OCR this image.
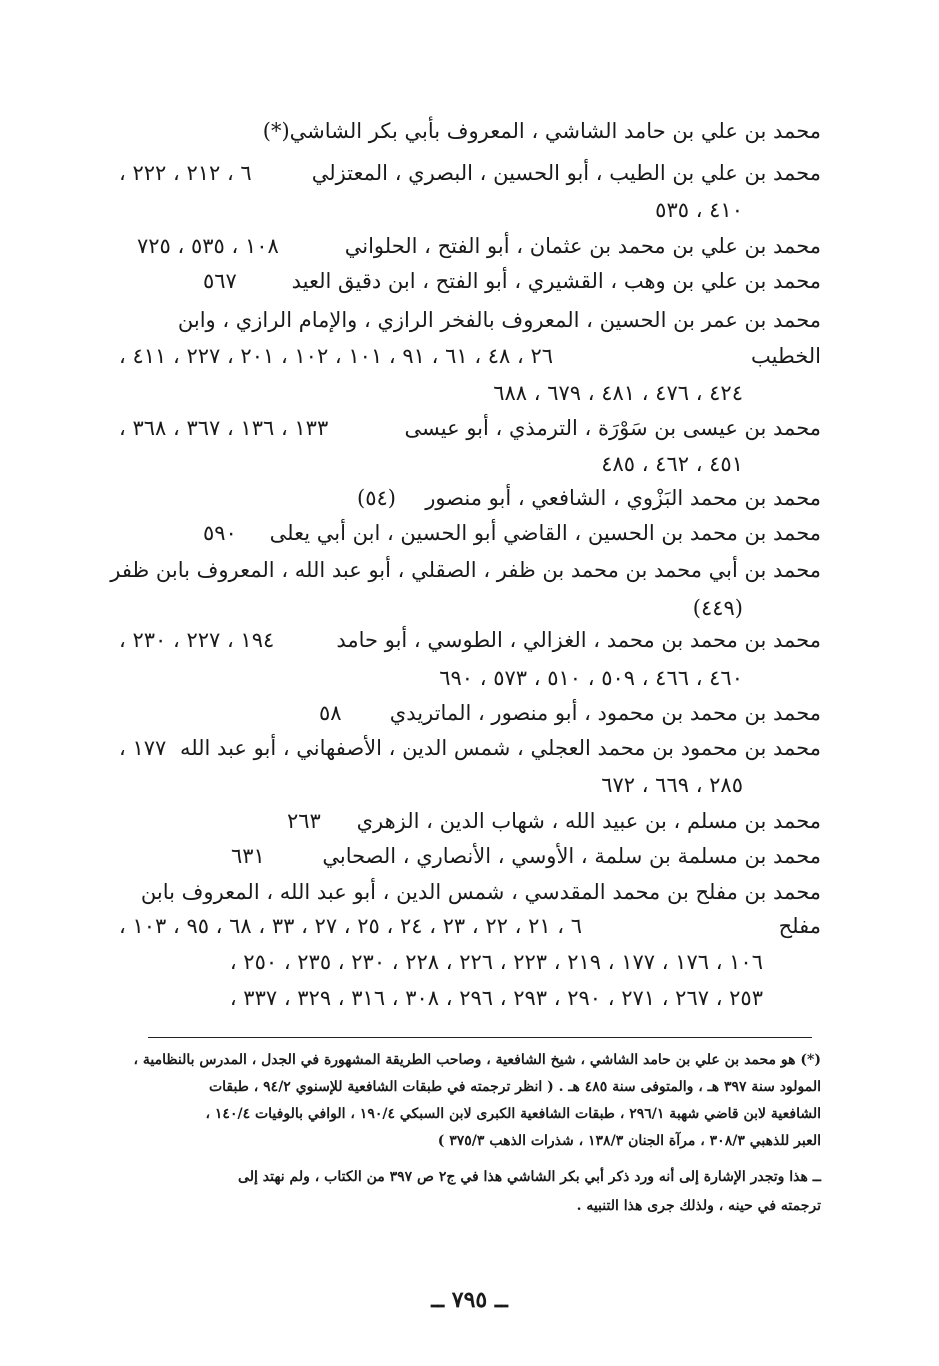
محمد بن علي بن حامد الشاشي ، المعروف بأبي بكر الشاشي(*)
محمد بن علي بن الطيب ، أبو الحسين ، البصري ، المعتزلي
٦ ، ٢١٢ ، ٢٢٢ ،
٤١٠ ، ٥٣٥
محمد بن علي بن محمد بن عثمان ، أبو الفتح ، الحلواني
١٠٨ ، ٥٣٥ ، ٧٢٥
محمد بن علي بن وهب ، القشيري ، أبو الفتح ، ابن دقيق العيد
٥٦٧
محمد بن عمر بن الحسين ، المعروف بالفخر الرازي ، والإمام الرازي ، وابن
الخطيب
٢٦ ، ٤٨ ، ٦١ ، ٩١ ، ١٠١ ، ١٠٢ ، ٢٠١ ، ٢٢٧ ، ٤١١ ،
٤٢٤ ، ٤٧٦ ، ٤٨١ ، ٦٧٩ ، ٦٨٨
محمد بن عيسى بن سَوْرَة ، الترمذي ، أبو عيسى
١٣٣ ، ١٣٦ ، ٣٦٧ ، ٣٦٨ ،
٤٥١ ، ٤٦٢ ، ٤٨٥
محمد بن محمد البَزْوي ، الشافعي ، أبو منصور
(٥٤)
محمد بن محمد بن الحسين ، القاضي أبو الحسين ، ابن أبي يعلى
٥٩٠
محمد بن أبي محمد بن محمد بن ظفر ، الصقلي ، أبو عبد الله ، المعروف بابن ظفر
(٤٤٩)
محمد بن محمد بن محمد ، الغزالي ، الطوسي ، أبو حامد
١٩٤ ، ٢٢٧ ، ٢٣٠ ،
٤٦٠ ، ٤٦٦ ، ٥٠٩ ، ٥١٠ ، ٥٧٣ ، ٦٩٠
محمد بن محمد بن محمود ، أبو منصور ، الماتريدي
٥٨
محمد بن محمود بن محمد العجلي ، شمس الدين ، الأصفهاني ، أبو عبد الله
١٧٧ ،
٢٨٥ ، ٦٦٩ ، ٦٧٢
محمد بن مسلم ، بن عبيد الله ، شهاب الدين ، الزهري
٢٦٣
محمد بن مسلمة بن سلمة ، الأوسي ، الأنصاري ، الصحابي
٦٣١
محمد بن مفلح بن محمد المقدسي ، شمس الدين ، أبو عبد الله ، المعروف بابن
مفلح
٦ ، ٢١ ، ٢٢ ، ٢٣ ، ٢٤ ، ٢٥ ، ٢٧ ، ٣٣ ، ٦٨ ، ٩٥ ، ١٠٣ ،
١٠٦ ، ١٧٦ ، ١٧٧ ، ٢١٩ ، ٢٢٣ ، ٢٢٦ ، ٢٢٨ ، ٢٣٠ ، ٢٣٥ ، ٢٥٠ ،
٢٥٣ ، ٢٦٧ ، ٢٧١ ، ٢٩٠ ، ٢٩٣ ، ٢٩٦ ، ٣٠٨ ، ٣١٦ ، ٣٢٩ ، ٣٣٧ ،
(*) هو محمد بن علي بن حامد الشاشي ، شيخ الشافعية ، وصاحب الطريقة المشهورة في الجدل ، المدرس بالنظامية ،
المولود سنة ٣٩٧ هـ ، والمتوفى سنة ٤٨٥ هـ . ( انظر ترجمته في طبقات الشافعية للإسنوي ٩٤/٢ ، طبقات
الشافعية لابن قاضي شهبة ٢٩٦/١ ، طبقات الشافعية الكبرى لابن السبكي ١٩٠/٤ ، الوافي بالوفيات ١٤٠/٤ ،
العبر للذهبي ٣٠٨/٣ ، مرآة الجنان ١٣٨/٣ ، شذرات الذهب ٣٧٥/٣ )
ــ هذا وتجدر الإشارة إلى أنه ورد ذكر أبي بكر الشاشي هذا في ج٢ ص ٣٩٧ من الكتاب ، ولم نهتد إلى
ترجمته في حينه ، ولذلك جرى هذا التنبيه .
ــ ٧٩٥ ــ
